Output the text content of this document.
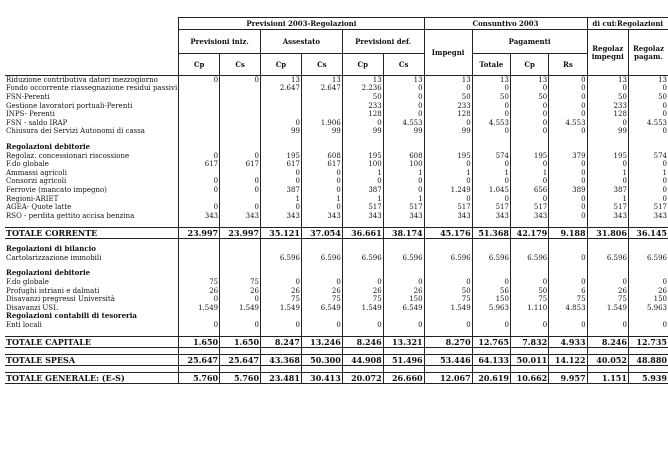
	Previsioni 2003-Regolazioni						Consuntivo 2003				di cui:Regolazioni	
	Previsioni iniz.		Assestato		Previsioni def.		Impegni	Pagamenti			Regolaz impegni	Regolaz pagam.
	Cp	Cs	Cp	Cs	Cp	Cs		Totale	Cp	Rs		
Riduzione contributiva datori mezzogiorno	0	0	13	13	13	13	13	13	13	0	13	13
Fondo occorrente riassegnazione residui passivi			2.647	2.647	2.236	0	0	0	0	0	0	0
FSN-Perenti					50	0	50	50	50	0	50	50
Gestione lavoratori portuali-Perenti					233	0	233	0	0	0	233	0
INPS- Perenti					128	0	128	0	0	0	128	0
FSN - saldo IRAP			0	1.906	0	4.553	0	4.553	0	4.553	0	4.553
Chiusura dei Servizi Autonomi di cassa			99	99	99	99	99	0	0	0	99	0

Regolazioni debitorie												
Regolaz. concessionari riscossione	0	0	195	608	195	608	195	574	195	379	195	574
F.do globale	617	617	617	617	100	100	0	0	0	0	0	0
Ammassi agricoli			0	0	1	1	1	1	1	0	1	1
Consorzi agricoli	0	0	0	0	0	0	0	0	0	0	0	0
Ferrovie (mancato impegno)	0	0	387	0	387	0	1.249	1.045	656	389	387	0
Regioni-ARIET			1	1	1	1	0	0	0	0	1	0
AGEA- Quote latte	0	0	0	0	517	517	517	517	517	0	517	517
RSO - perdita gettito accisa benzina	343	343	343	343	343	343	343	343	343	0	343	343

TOTALE CORRENTE	23.997	23.997	35.121	37.054	36.661	38.174	45.176	51.368	42.179	9.188	31.806	36.145

Regolazioni di bilancio												
Cartolarizzazione immobili			6.596	6.596	6.596	6.596	6.596	6.596	6.596	0	6.596	6.596

Regolazioni debitorie												
F.do globale	75	75	0	0	0	0	0	0	0	0	0	0
Profughi istriani e dalmati	26	26	26	26	26	26	50	56	50	6	26	26
Disavanzi pregressi Università	0	0	75	75	75	150	75	150	75	75	75	150
Disavanzi USL	1.549	1.549	1.549	6.549	1.549	6.549	1.549	5.963	1.110	4.853	1.549	5.963
Regolazioni contabili di tesoreria												
Enti locali	0	0	0	0	0	0	0	0	0	0	0	0

TOTALE CAPITALE	1.650	1.650	8.247	13.246	8.246	13.321	8.270	12.765	7.832	4.933	8.246	12.735

TOTALE SPESA	25.647	25.647	43.368	50.300	44.908	51.496	53.446	64.133	50.011	14.122	40.052	48.880

TOTALE GENERALE: (E-S)	5.760	5.760	23.481	30.413	20.072	26.660	12.067	20.619	10.662	9.957	1.151	5.939
